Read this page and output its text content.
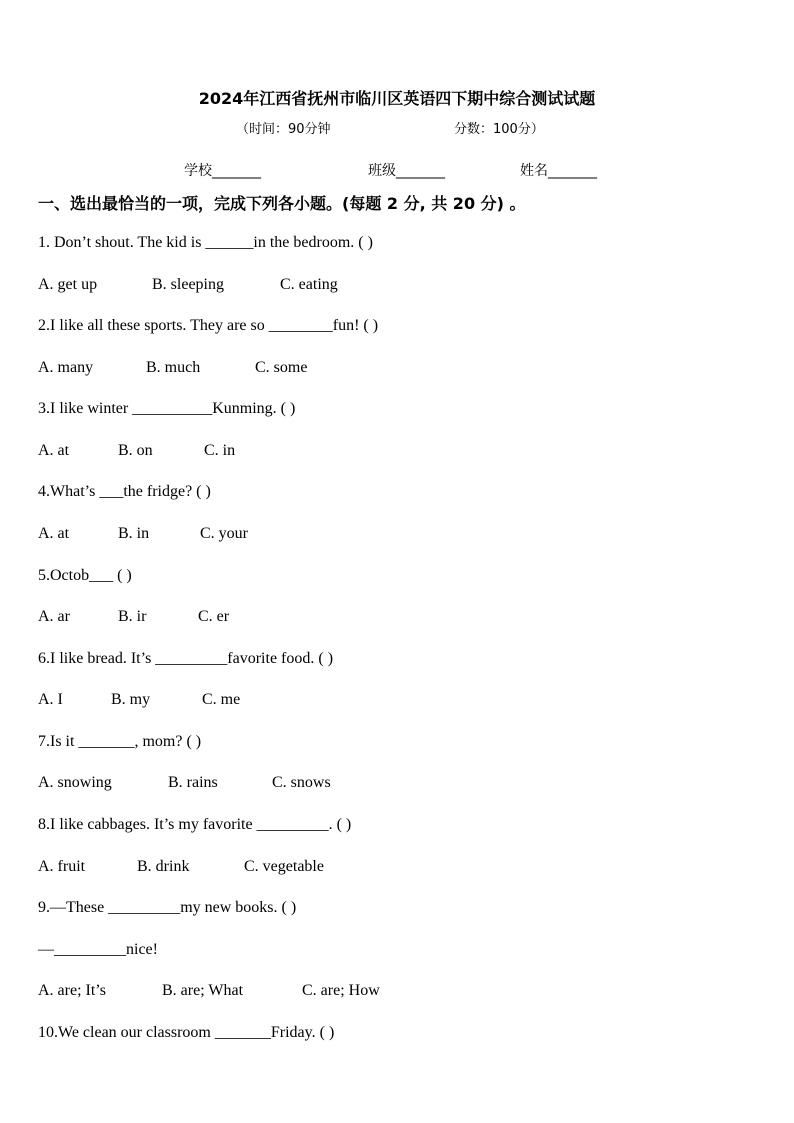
2024年江西省抚州市临川区英语四下期中综合测试试题
（时间：90分钟	分数：100分）
学校_______	班级_______	姓名_______
一、选出最恰当的一项，完成下列各小题。(每题 2 分, 共 20 分) 。
1. Don’t shout. The kid is ______in the bedroom. ( )
A. get up	B. sleeping	C. eating
2.I like all these sports. They are so ________fun! ( )
A. many	B. much	C. some
3.I like winter __________Kunming. ( )
A. at	B. on	C. in
4.What’s ___the fridge? ( )
A. at	B. in	C. your
5.Octob___ ( )
A. ar	B. ir	C. er
6.I like bread. It’s _________favorite food. ( )
A. I	B. my	C. me
7.Is it _______, mom? ( )
A. snowing	B. rains	C. snows
8.I like cabbages. It’s my favorite _________. ( )
A. fruit	B. drink	C. vegetable
9.—These _________my new books. ( )
—_________nice!
A. are; It’s	B. are; What	C. are; How
10.We clean our classroom _______Friday. ( )
